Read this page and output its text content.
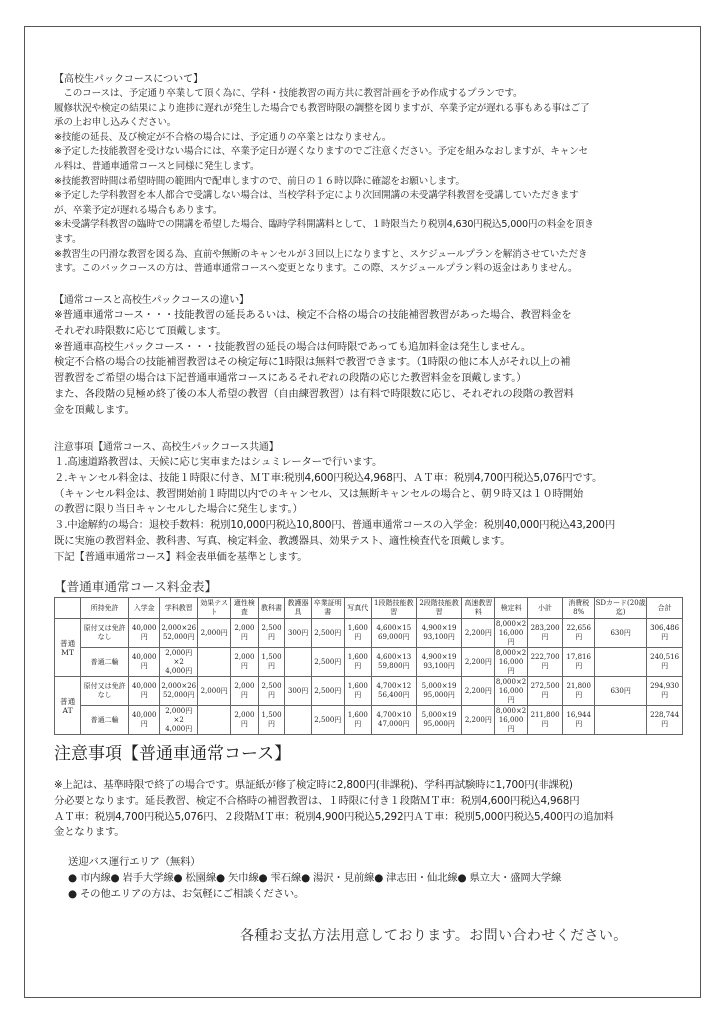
【高校生パックコースについて】

　このコースは、予定通り卒業して頂く為に、学科・技能教習の両方共に教習計画を予め作成するプランです。

履修状況や検定の結果により進捗に遅れが発生した場合でも教習時限の調整を図りますが、卒業予定が遅れる事もある事はご了

承の上お申し込みください。

※技能の延長、及び検定が不合格の場合には、予定通りの卒業とはなりません。

※予定した技能教習を受けない場合には、卒業予定日が遅くなりますのでご注意ください。予定を組みなおしますが、キャンセ

ル料は、普通車通常コースと同様に発生します。

※技能教習時間は希望時間の範囲内で配車しますので、前日の１６時以降に確認をお願いします。

※予定した学科教習を本人都合で受講しない場合は、当校学科予定により次回開講の未受講学科教習を受講していただきます

が、卒業予定が遅れる場合もあります。

※未受講学科教習の臨時での開講を希望した場合、臨時学科開講料として、１時限当たり税別4,630円税込5,000円の料金を頂き

ます。

※教習生の円滑な教習を図る為、直前や無断のキャンセルが３回以上になりますと、スケジュールプランを解消させていただき

ます。このパックコースの方は、普通車通常コースへ変更となります。この際、スケジュールプラン料の返金はありません。

【通常コースと高校生パックコースの違い】

※普通車通常コース・・・技能教習の延長あるいは、検定不合格の場合の技能補習教習があった場合、教習料金を

それぞれ時限数に応じて頂戴します。

※普通車高校生パックコース・・・技能教習の延長の場合は何時限であっても追加料金は発生しません。

検定不合格の場合の技能補習教習はその検定毎に1時限は無料で教習できます。（1時限の他に本人がそれ以上の補

習教習をご希望の場合は下記普通車通常コースにあるそれぞれの段階の応じた教習料金を頂戴します。）

また、各段階の見極め終了後の本人希望の教習（自由練習教習）は有料で時限数に応じ、それぞれの段階の教習料

金を頂戴します。

注意事項【通常コース、高校生パックコース共通】

１.高速道路教習は、天候に応じ実車またはシュミレーターで行います。

２.キャンセル料金は、技能１時限に付き、ＭＴ車:税別4,600円税込4,968円、ＡＴ車：税別4,700円税込5,076円です。

（キャンセル料金は、教習開始前１時間以内でのキャンセル、又は無断キャンセルの場合と、朝９時又は１０時開始

の教習に限り当日キャンセルした場合に発生します。）

３.中途解約の場合：退校手数料：税別10,000円税込10,800円、普通車通常コースの入学金：税別40,000円税込43,200円

既に実施の教習料金、教科書、写真、検定料金、教護器具、効果テスト、適性検査代を頂戴します。

下記【普通車通常コース】料金表単価を基準とします。

【普通車通常コース料金表】
	所持免許	入学金	学科教習	効果テスト	適性検査	教科書	教護器具	卒業証明書	写真代	1段階技能教習	2段階技能教習	高速教習料	検定料	小計	消費税8%	SDカード(20歳迄)	合計
普通MT	原付又は免許なし	40,000円	2,000×26
52,000円	2,000円	2,000円	2,500円	300円	2,500円	1,600円	4,600×15
69,000円	4,900×19
93,100円	2,200円	8,000×2
16,000円	283,200円	22,656円	630円	306,486円
	普通二輪	40,000円	2,000円×2
4,000円		2,000円	1,500円		2,500円	1,600円	4,600×13
59,800円	4,900×19
93,100円	2,200円	8,000×2
16,000円	222,700円	17,816円		240,516円
普通AT	原付又は免許なし	40,000円	2,000×26
52,000円	2,000円	2,000円	2,500円	300円	2,500円	1,600円	4,700×12
56,400円	5,000×19
95,000円	2,200円	8,000×2
16,000円	272,500円	21,800円	630円	294,930円
	普通二輪	40,000円	2,000円×2
4,000円		2,000円	1,500円		2,500円	1,600円	4,700×10
47,000円	5,000×19
95,000円	2,200円	8,000×2
16,000円	211,800円	16,944円		228,744円
注意事項【普通車通常コース】

※上記は、基準時限で終了の場合です。県証紙が修了検定時に2,800円(非課税)、学科再試験時に1,700円(非課税)

分必要となります。延長教習、検定不合格時の補習教習は、１時限に付き１段階ＭＴ車：税別4,600円税込4,968円

ＡＴ車：税別4,700円税込5,076円、２段階ＭＴ車：税別4,900円税込5,292円ＡＴ車：税別5,000円税込5,400円の追加料

金となります。

送迎バス運行エリア（無料）

● 市内線● 岩手大学線● 松園線● 矢巾線● 雫石線● 湯沢・見前線● 津志田・仙北線● 県立大・盛岡大学線

● その他エリアの方は、お気軽にご相談ください。

各種お支払方法用意しております。お問い合わせください。
